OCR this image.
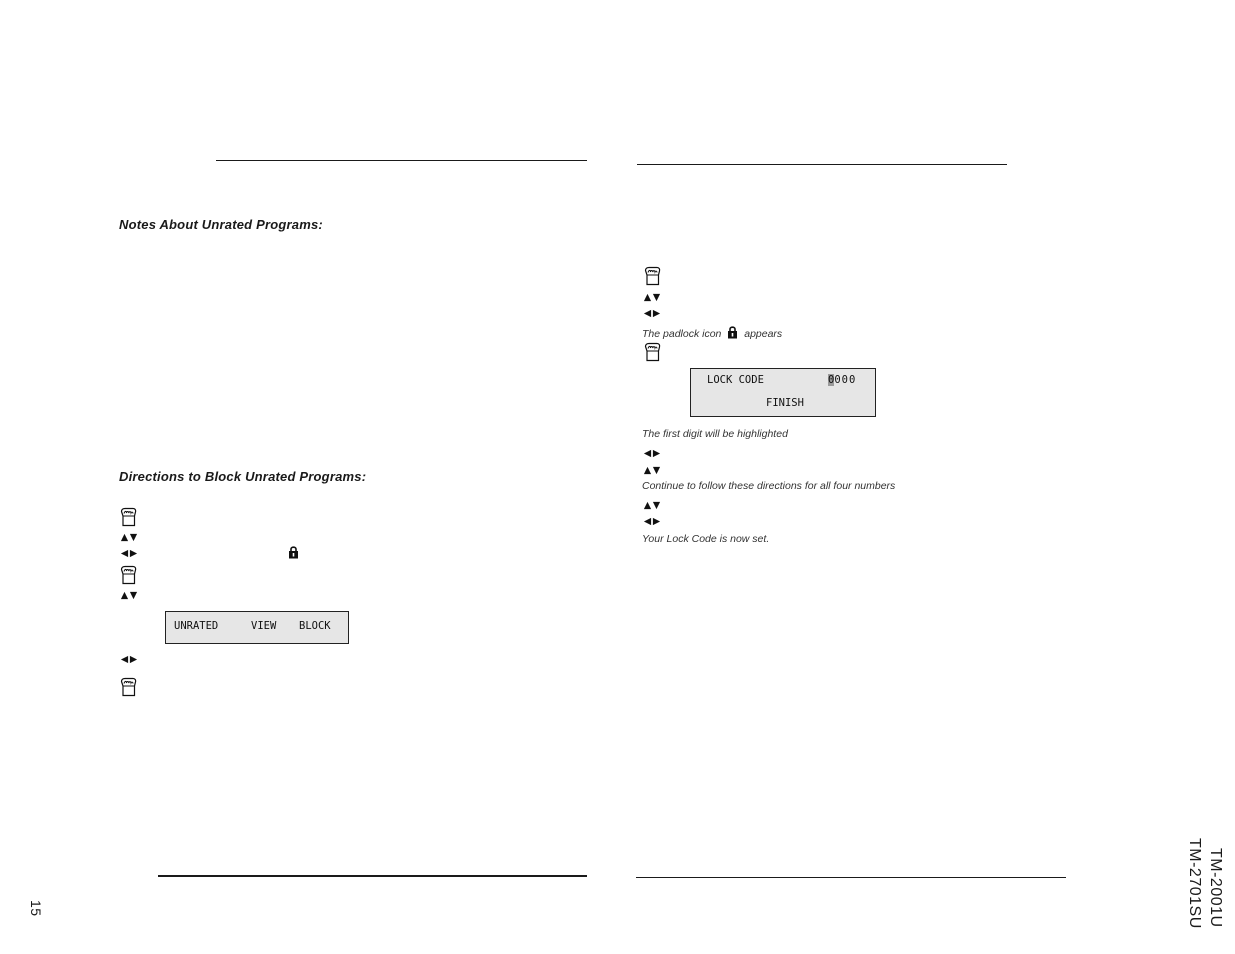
Notes About Unrated Programs:
Directions to Block Unrated Programs:
UNRATED	VIEW BLOCK
The padlock icon appears
LOCK CODE	0000
FINISH
The first digit will be highlighted
Continue to follow these directions for all four numbers
Your Lock Code is now set.
15	TM-2001U
TM-2701SU
